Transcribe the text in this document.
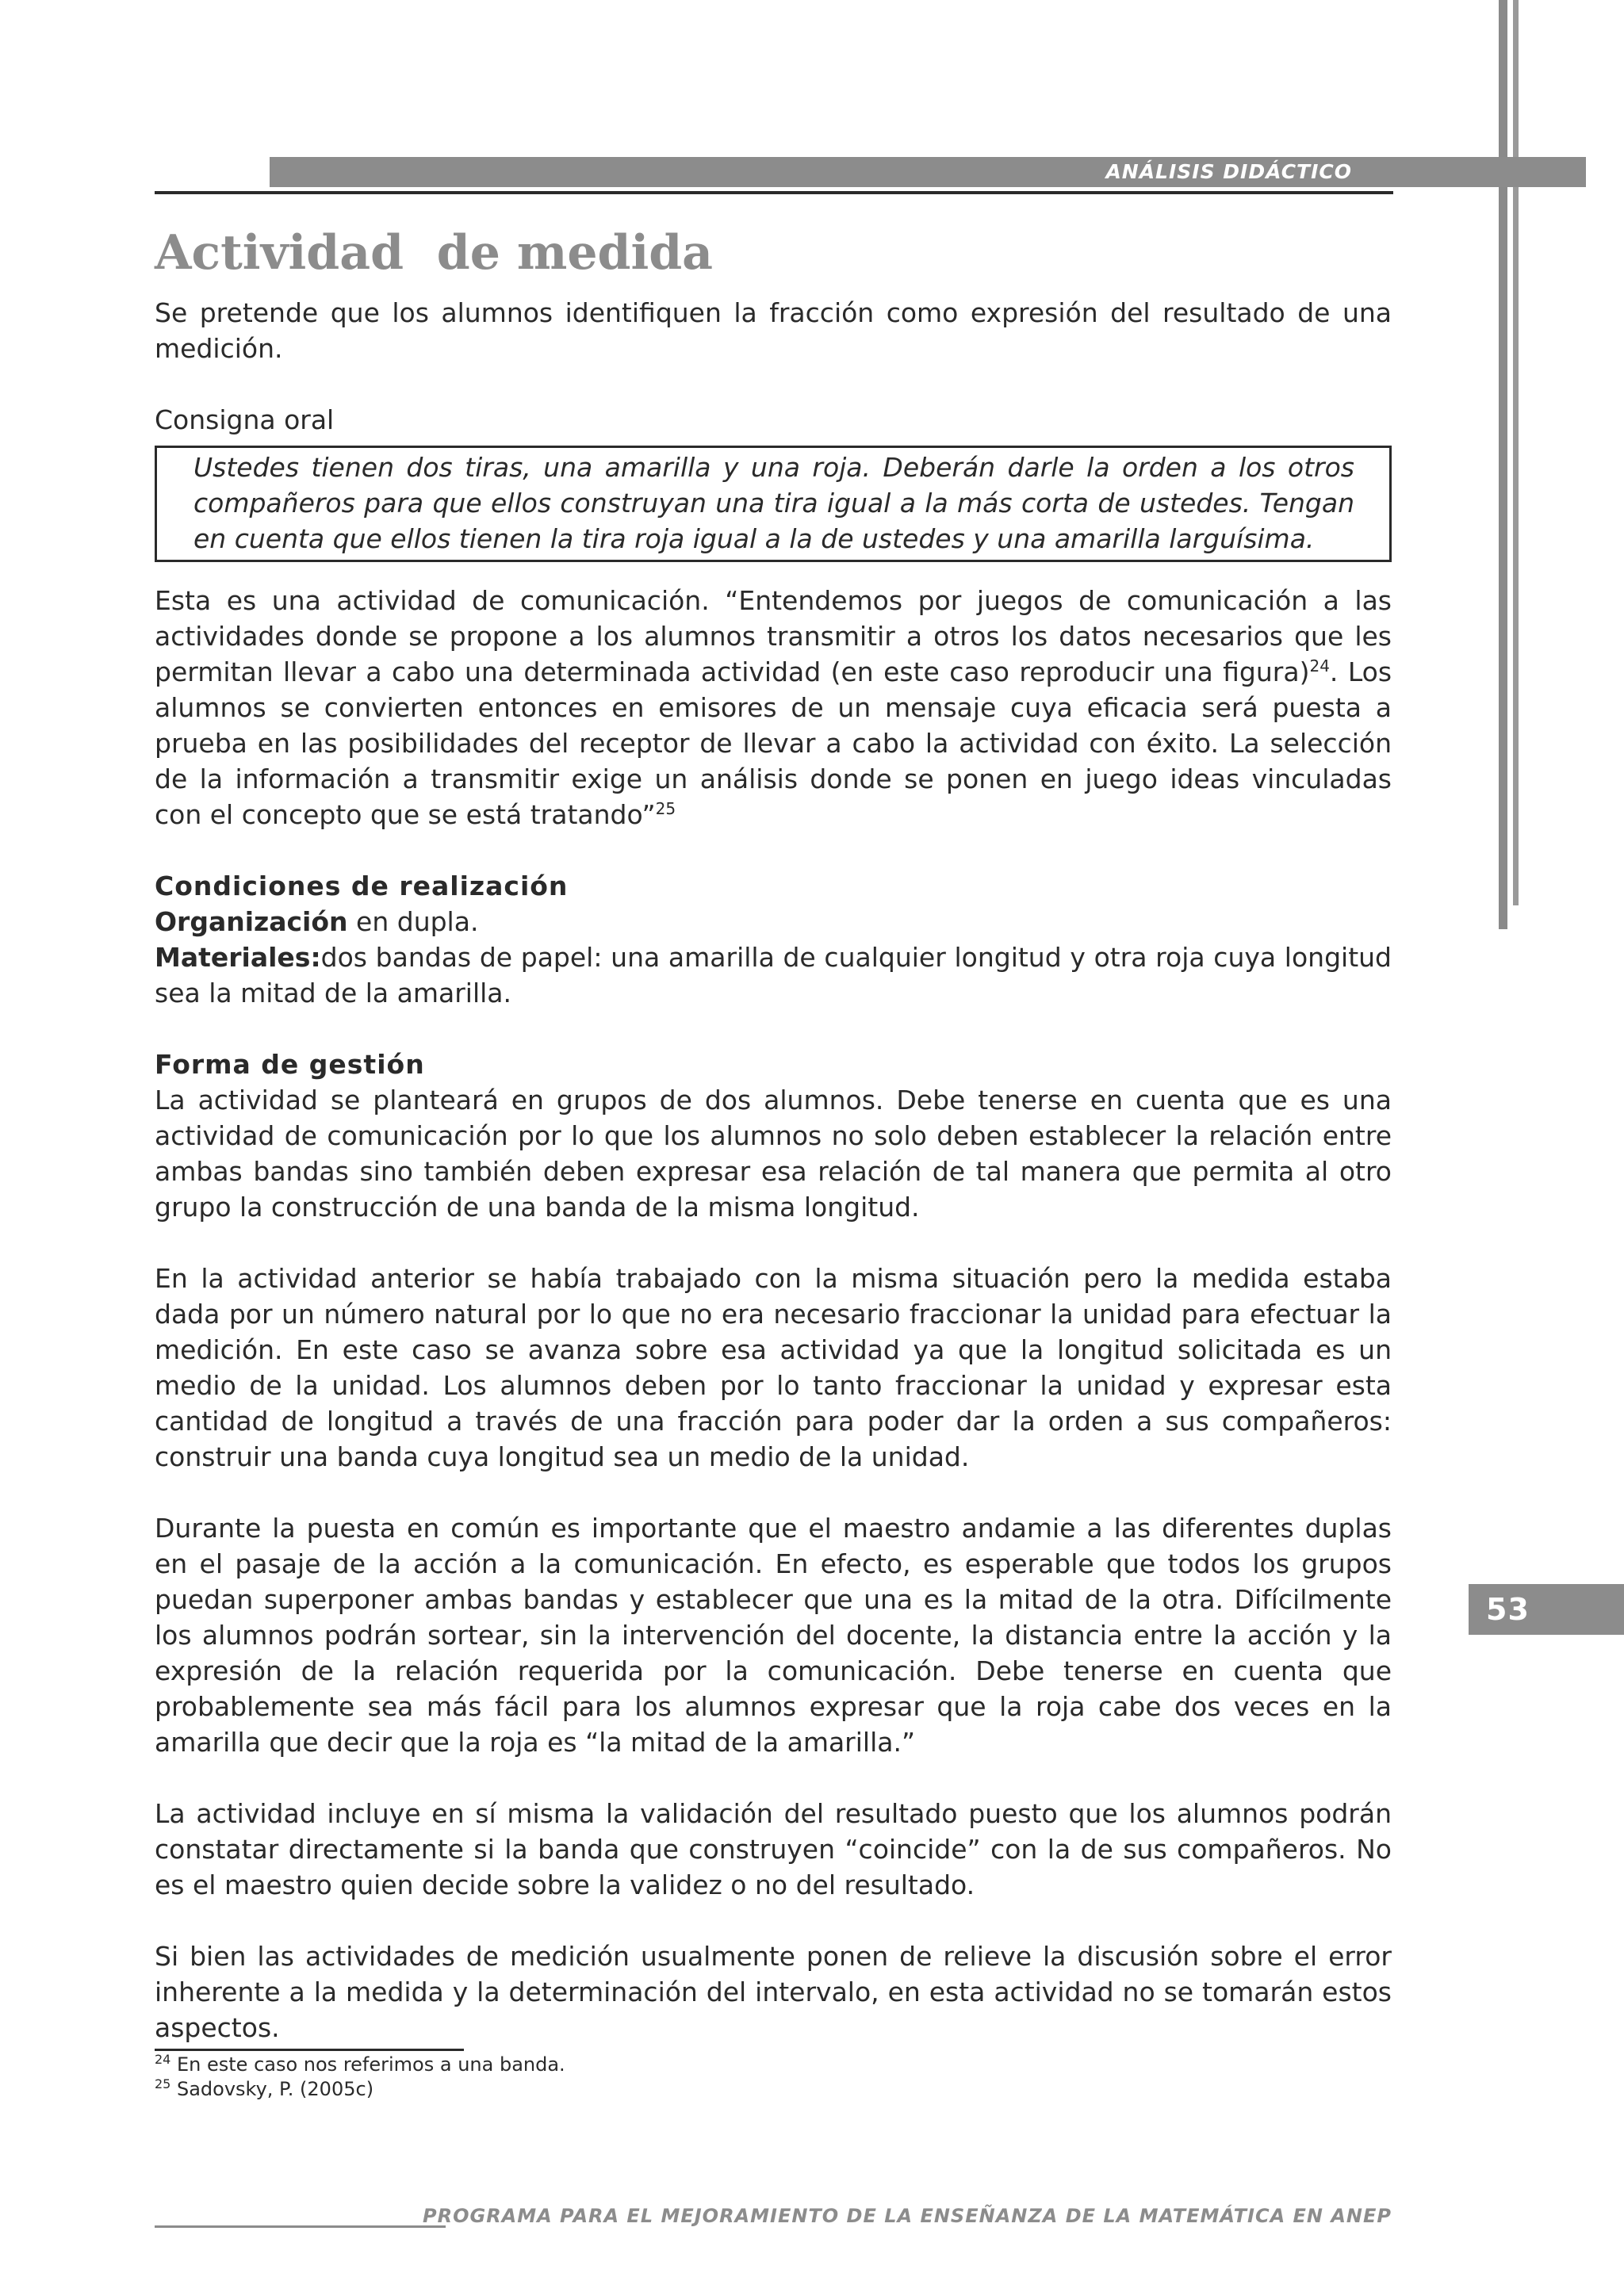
ANÁLISIS DIDÁCTICO
Actividad  de medida

Se pretende que los alumnos identifiquen la fracción como expresión del resultado de una medición.

Consigna oral

Ustedes tienen dos tiras, una amarilla y una roja. Deberán darle la orden a los otros compañeros para que ellos construyan una tira igual a la más corta de ustedes. Tengan en cuenta que ellos tienen la tira roja igual a la de ustedes y una amarilla larguísima.

Esta es una actividad de comunicación. “Entendemos por juegos de comunicación a las actividades donde se propone a los alumnos transmitir a otros los datos necesarios que les permitan llevar a cabo una determinada actividad (en este caso reproducir una figura)$^{24}$. Los alumnos se convierten entonces en emisores de un mensaje cuya eficacia será puesta a prueba en las posibilidades del receptor de llevar a cabo la actividad con éxito. La selección de la información a transmitir exige un análisis donde se ponen en juego ideas vinculadas con el concepto que se está tratando”$^{25}$

Condiciones de realización

Organización en dupla.

Materiales:dos bandas de papel: una amarilla de cualquier longitud y otra roja cuya longitud sea la mitad de la amarilla.

Forma de gestión

La actividad se planteará en grupos de dos alumnos. Debe tenerse en cuenta que es una actividad de comunicación por lo que los alumnos no solo deben establecer la relación entre ambas bandas sino también deben expresar esa relación de tal manera que permita al otro grupo la construcción de una banda de la misma longitud.

En la actividad anterior se había trabajado con la misma situación pero la medida estaba dada por un número natural por lo que no era necesario fraccionar la unidad para efectuar la medición. En este caso se avanza sobre esa actividad ya que la longitud solicitada es un medio de la unidad. Los alumnos deben por lo tanto fraccionar la unidad y expresar esta cantidad de longitud a través de una fracción para poder dar la orden a sus compañeros: construir una banda cuya longitud sea un medio de la unidad.

Durante la puesta en común es importante que el maestro andamie a las diferentes duplas en el pasaje de la acción a la comunicación. En efecto, es esperable que todos los grupos puedan superponer ambas bandas y establecer que una es la mitad de la otra. Difícilmente los alumnos podrán sortear, sin la intervención del docente, la distancia entre la acción y la expresión de la relación requerida por la comunicación. Debe tenerse en cuenta que probablemente sea más fácil para los alumnos expresar que la roja cabe dos veces en la amarilla que decir que la roja es “la mitad de la amarilla.”

La actividad incluye en sí misma la validación del resultado puesto que los alumnos podrán constatar directamente si la banda que construyen “coincide” con la de sus compañeros. No es el maestro quien decide sobre la validez o no del resultado.

Si bien las actividades de medición usualmente ponen de relieve la discusión sobre el error inherente a la medida y la determinación del intervalo, en esta actividad no se tomarán estos aspectos.

$^{24}$ En este caso nos referimos a una banda.
$^{25}$ Sadovsky, P. (2005c)
53
PROGRAMA PARA EL MEJORAMIENTO DE LA ENSEÑANZA DE LA MATEMÁTICA EN ANEP
